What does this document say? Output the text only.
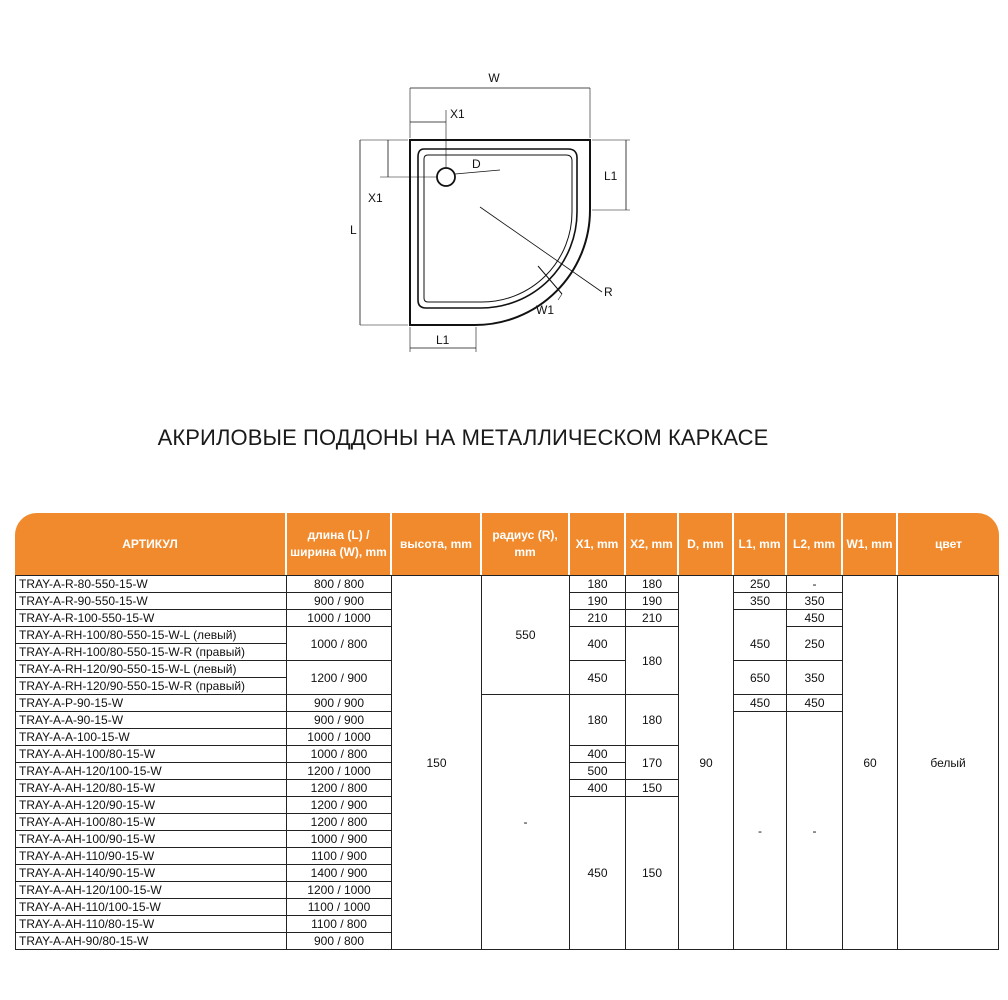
W
X1
D
X1
L
L1
R
W1
L1
АКРИЛОВЫЕ ПОДДОНЫ НА МЕТАЛЛИЧЕСКОМ КАРКАСЕ
АРТИКУЛ	длина (L) / ширина (W), mm	высота, mm	радиус (R), mm	X1, mm	X2, mm	D, mm	L1, mm	L2, mm	W1, mm	цвет
TRAY-A-R-80-550-15-W	800 / 800	150	550	180	180	90	250	-	60	белый
TRAY-A-R-90-550-15-W	900 / 900			190	190		350	350		
TRAY-A-R-100-550-15-W	1000 / 1000			210	210			450		
TRAY-A-RH-100/80-550-15-W-L (левый)	1000 / 800			400	180		450	250		
TRAY-A-RH-100/80-550-15-W-R (правый)										
TRAY-A-RH-120/90-550-15-W-L (левый)	1200 / 900			450			650	350		
TRAY-A-RH-120/90-550-15-W-R (правый)										
TRAY-A-P-90-15-W	900 / 900		-	180	180		450	450		
TRAY-A-A-90-15-W	900 / 900						-	-		
TRAY-A-A-100-15-W	1000 / 1000									
TRAY-A-AH-100/80-15-W	1000 / 800			400	170					
TRAY-A-AH-120/100-15-W	1200 / 1000			500						
TRAY-A-AH-120/80-15-W	1200 / 800			400	150					
TRAY-A-AH-120/90-15-W	1200 / 900			450	150					
TRAY-A-AH-100/80-15-W	1200 / 800									
TRAY-A-AH-100/90-15-W	1000 / 900									
TRAY-A-AH-110/90-15-W	1100 / 900									
TRAY-A-AH-140/90-15-W	1400 / 900									
TRAY-A-AH-120/100-15-W	1200 / 1000									
TRAY-A-AH-110/100-15-W	1100 / 1000									
TRAY-A-AH-110/80-15-W	1100 / 800									
TRAY-A-AH-90/80-15-W	900 / 800									
